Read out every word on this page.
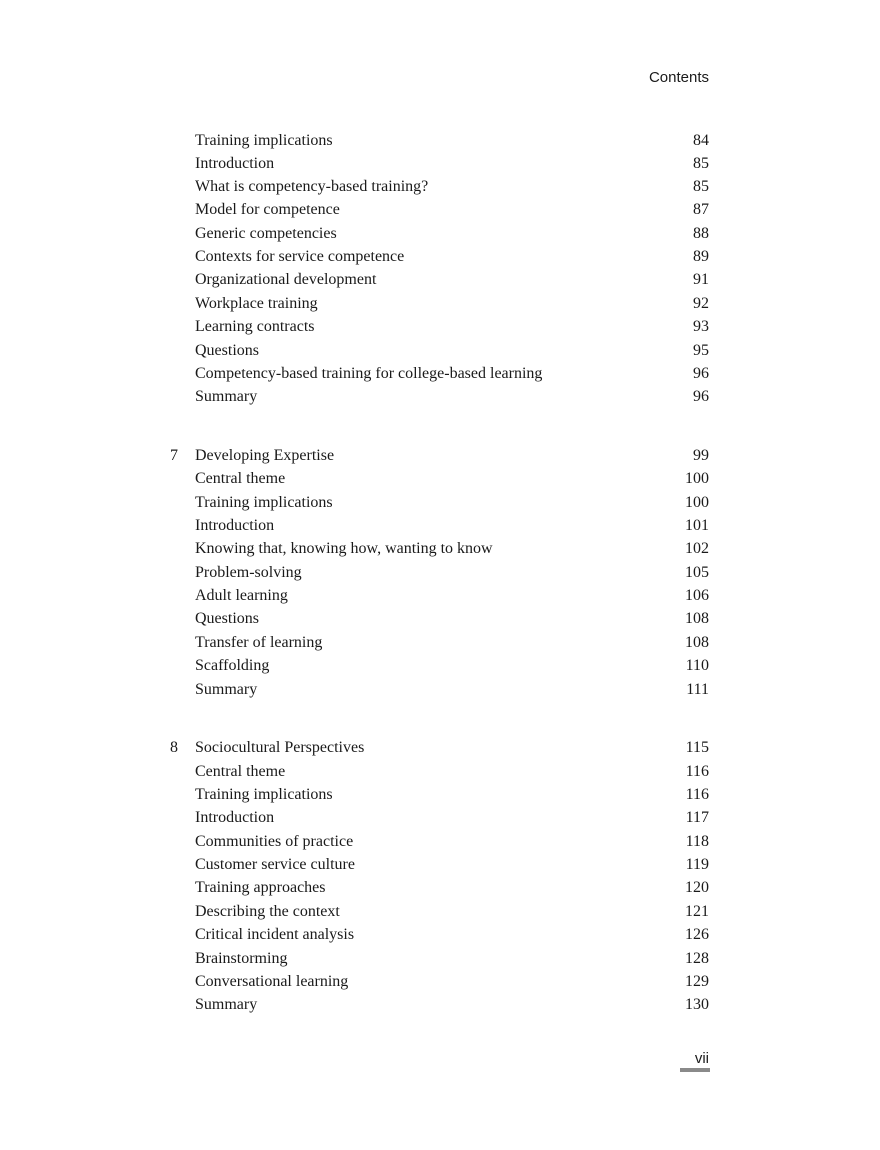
Contents
Training implications	84
Introduction	85
What is competency-based training?	85
Model for competence	87
Generic competencies	88
Contexts for service competence	89
Organizational development	91
Workplace training	92
Learning contracts	93
Questions	95
Competency-based training for college-based learning	96
Summary	96
7 Developing Expertise	99
Central theme	100
Training implications	100
Introduction	101
Knowing that, knowing how, wanting to know	102
Problem-solving	105
Adult learning	106
Questions	108
Transfer of learning	108
Scaffolding	110
Summary	111
8 Sociocultural Perspectives	115
Central theme	116
Training implications	116
Introduction	117
Communities of practice	118
Customer service culture	119
Training approaches	120
Describing the context	121
Critical incident analysis	126
Brainstorming	128
Conversational learning	129
Summary	130
vii
